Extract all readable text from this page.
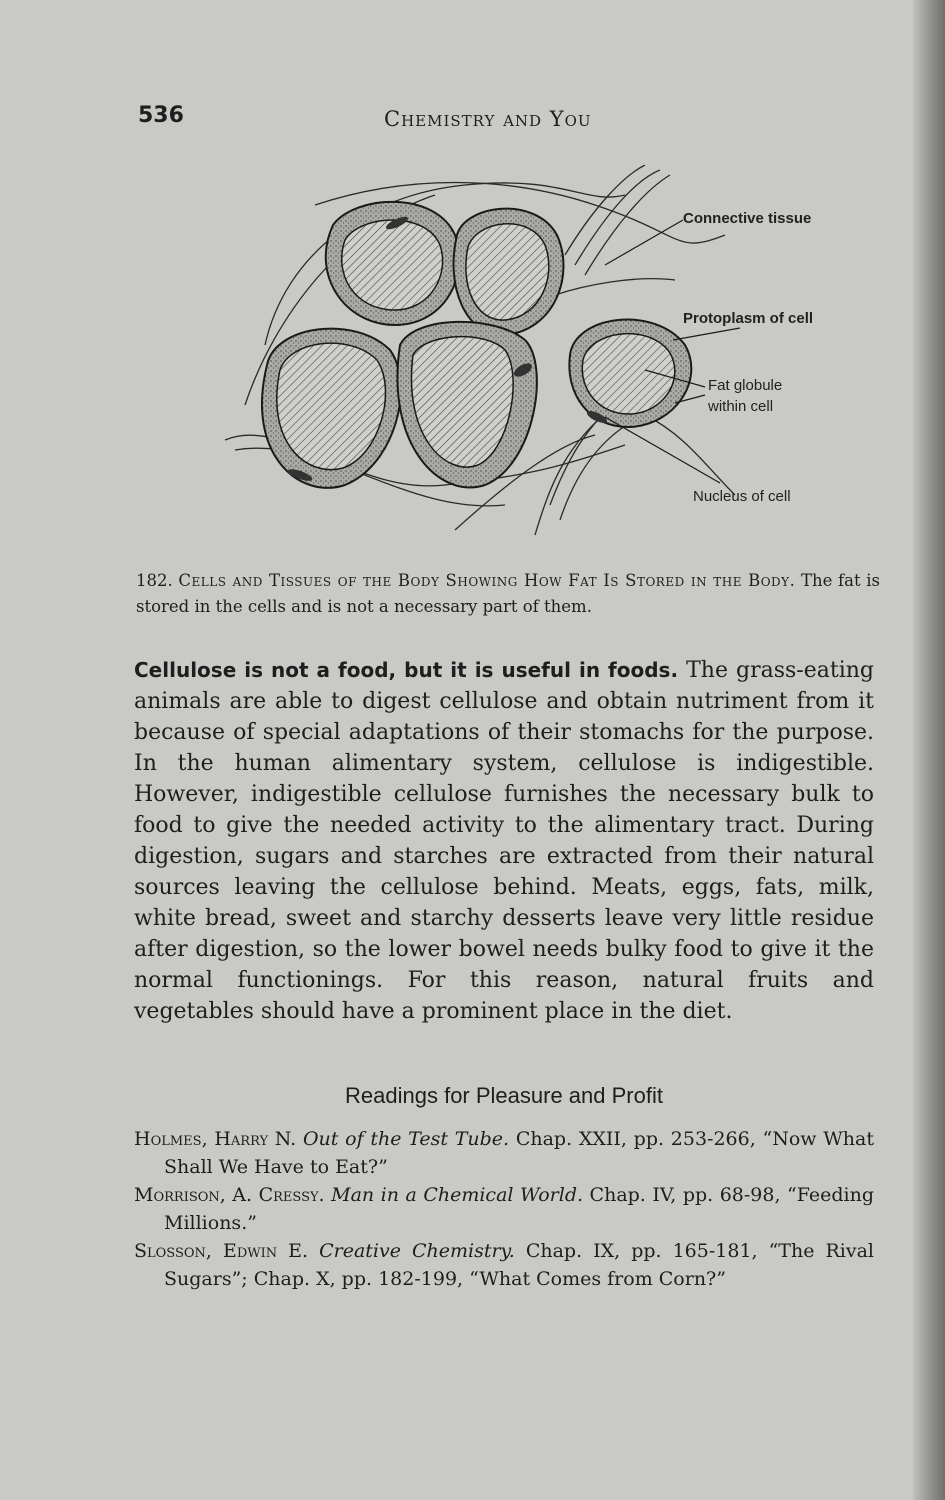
536	Chemistry and You
Connective tissue
Protoplasm of cell
Fat globule
within cell
Nucleus of cell
182. Cells and Tissues of the Body Showing How Fat Is Stored in the Body. The fat is stored in the cells and is not a necessary part of them.
Cellulose is not a food, but it is useful in foods. The grass-eating animals are able to digest cellulose and obtain nutriment from it because of special adaptations of their stomachs for the purpose. In the human alimentary system, cellulose is indigestible. However, indigestible cellulose furnishes the necessary bulk to food to give the needed activity to the alimentary tract. During digestion, sugars and starches are extracted from their natural sources leaving the cellulose behind. Meats, eggs, fats, milk, white bread, sweet and starchy desserts leave very little residue after digestion, so the lower bowel needs bulky food to give it the normal functionings. For this reason, natural fruits and vegetables should have a prominent place in the diet.
Readings for Pleasure and Profit
Holmes, Harry N. Out of the Test Tube. Chap. XXII, pp. 253-266, “Now What Shall We Have to Eat?”
Morrison, A. Cressy. Man in a Chemical World. Chap. IV, pp. 68-98, “Feeding Millions.”
Slosson, Edwin E. Creative Chemistry. Chap. IX, pp. 165-181, “The Rival Sugars”; Chap. X, pp. 182-199, “What Comes from Corn?”
